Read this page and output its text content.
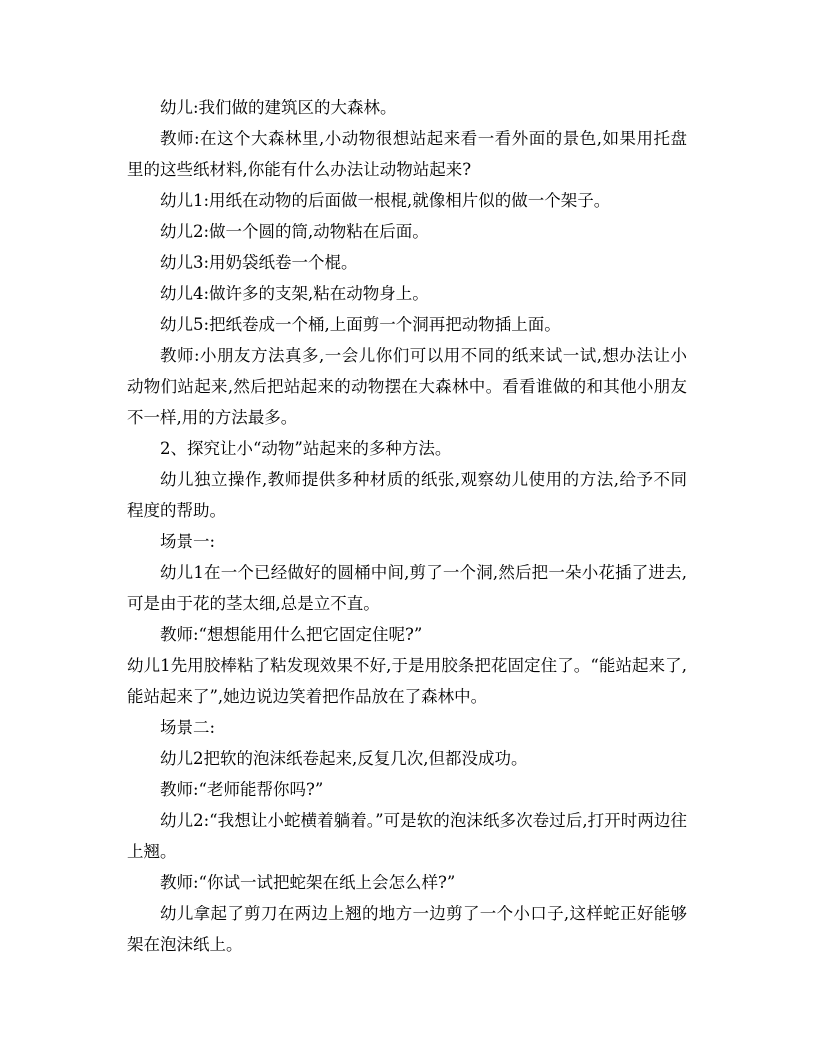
幼儿:我们做的建筑区的大森林。

教师:在这个大森林里,小动物很想站起来看一看外面的景色,如果用托盘里的这些纸材料,你能有什么办法让动物站起来?

幼儿1:用纸在动物的后面做一根棍,就像相片似的做一个架子。

幼儿2:做一个圆的筒,动物粘在后面。

幼儿3:用奶袋纸卷一个棍。

幼儿4:做许多的支架,粘在动物身上。

幼儿5:把纸卷成一个桶,上面剪一个洞再把动物插上面。

教师:小朋友方法真多,一会儿你们可以用不同的纸来试一试,想办法让小动物们站起来,然后把站起来的动物摆在大森林中。看看谁做的和其他小朋友不一样,用的方法最多。

2、探究让小“动物”站起来的多种方法。

幼儿独立操作,教师提供多种材质的纸张,观察幼儿使用的方法,给予不同程度的帮助。

场景一:

幼儿1在一个已经做好的圆桶中间,剪了一个洞,然后把一朵小花插了进去,可是由于花的茎太细,总是立不直。

教师:“想想能用什么把它固定住呢?”

幼儿1先用胶棒粘了粘发现效果不好,于是用胶条把花固定住了。“能站起来了,能站起来了”,她边说边笑着把作品放在了森林中。

场景二:

幼儿2把软的泡沫纸卷起来,反复几次,但都没成功。

教师:“老师能帮你吗?”

幼儿2:“我想让小蛇横着躺着。”可是软的泡沫纸多次卷过后,打开时两边往上翘。

教师:“你试一试把蛇架在纸上会怎么样?”

幼儿拿起了剪刀在两边上翘的地方一边剪了一个小口子,这样蛇正好能够架在泡沫纸上。
